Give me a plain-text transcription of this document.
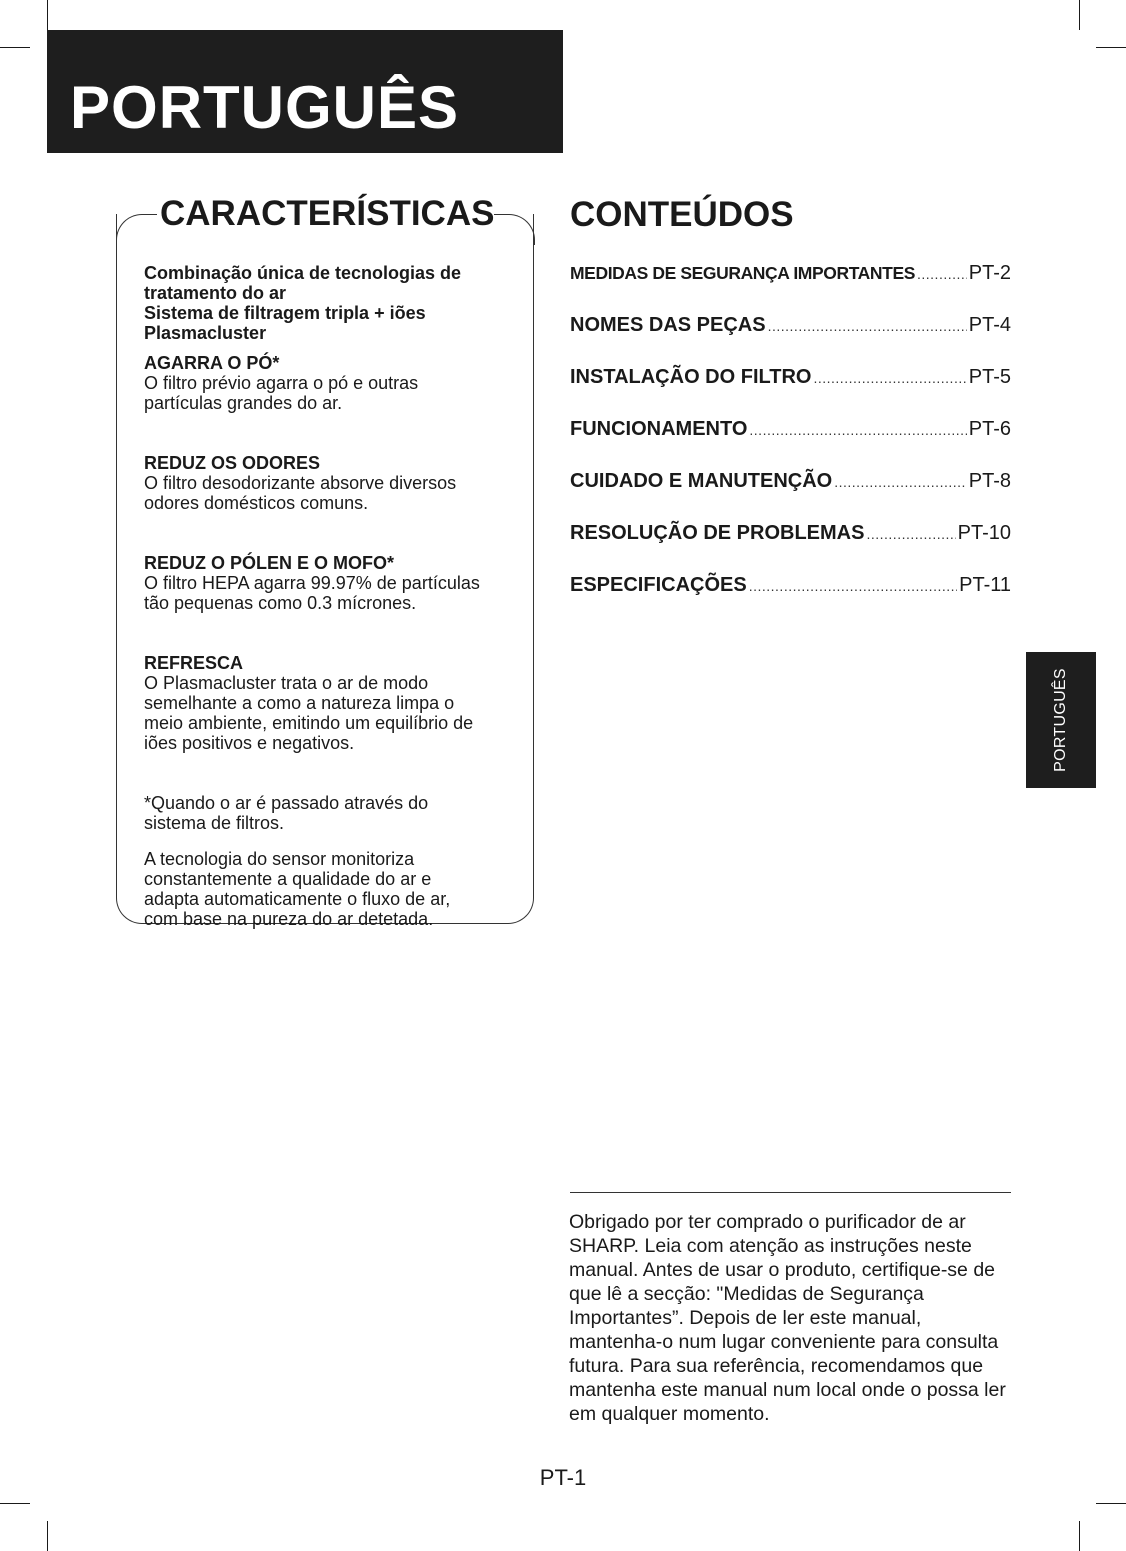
PORTUGUÊS
CARACTERÍSTICAS

Combinação única de tecnologias de

tratamento do ar

Sistema de filtragem tripla + iões

Plasmacluster

AGARRA O PÓ*

O filtro prévio agarra o pó e outras

partículas grandes do ar.

REDUZ OS ODORES

O filtro desodorizante absorve diversos

odores domésticos comuns.

REDUZ O PÓLEN E O MOFO*

O filtro HEPA agarra 99.97% de partículas

tão pequenas como 0.3 mícrones.

REFRESCA

O Plasmacluster trata o ar de modo

semelhante a como a natureza limpa o

meio ambiente, emitindo um equilíbrio de

iões positivos e negativos.

*Quando o ar é passado através do

sistema de filtros.

A tecnologia do sensor monitoriza

constantemente a qualidade do ar e

adapta automaticamente o fluxo de ar,

com base na pureza do ar detetada.

CONTEÚDOS
MEDIDAS DE SEGURANÇA IMPORTANTES .....	PT-2
NOMES DAS PEÇAS .....	PT-4
INSTALAÇÃO DO FILTRO .....	PT-5
FUNCIONAMENTO .....	PT-6
CUIDADO E MANUTENÇÃO .....	PT-8
RESOLUÇÃO DE PROBLEMAS .....	PT-10
ESPECIFICAÇÕES .....	PT-11
PORTUGUÊS

Obrigado por ter comprado o purificador de ar SHARP. Leia com atenção as instruções neste manual. Antes de usar o produto, certifique-se de que lê a secção: "Medidas de Segurança Importantes”. Depois de ler este manual, mantenha-o num lugar conveniente para consulta futura. Para sua referência, recomendamos que mantenha este manual num local onde o possa ler em qualquer momento.

PT-1
